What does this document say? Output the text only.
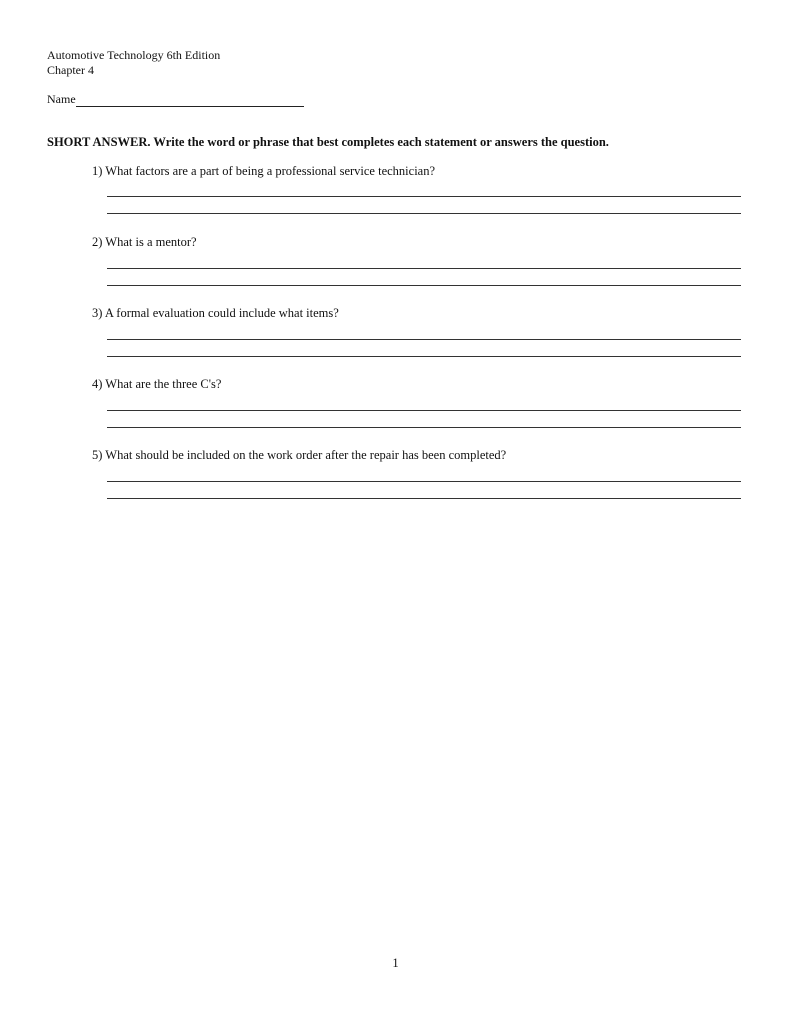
Automotive Technology 6th Edition
Chapter 4
Name
SHORT ANSWER. Write the word or phrase that best completes each statement or answers the question.
1) What factors are a part of being a professional service technician?
2) What is a mentor?
3) A formal evaluation could include what items?
4) What are the three C's?
5) What should be included on the work order after the repair has been completed?
1
